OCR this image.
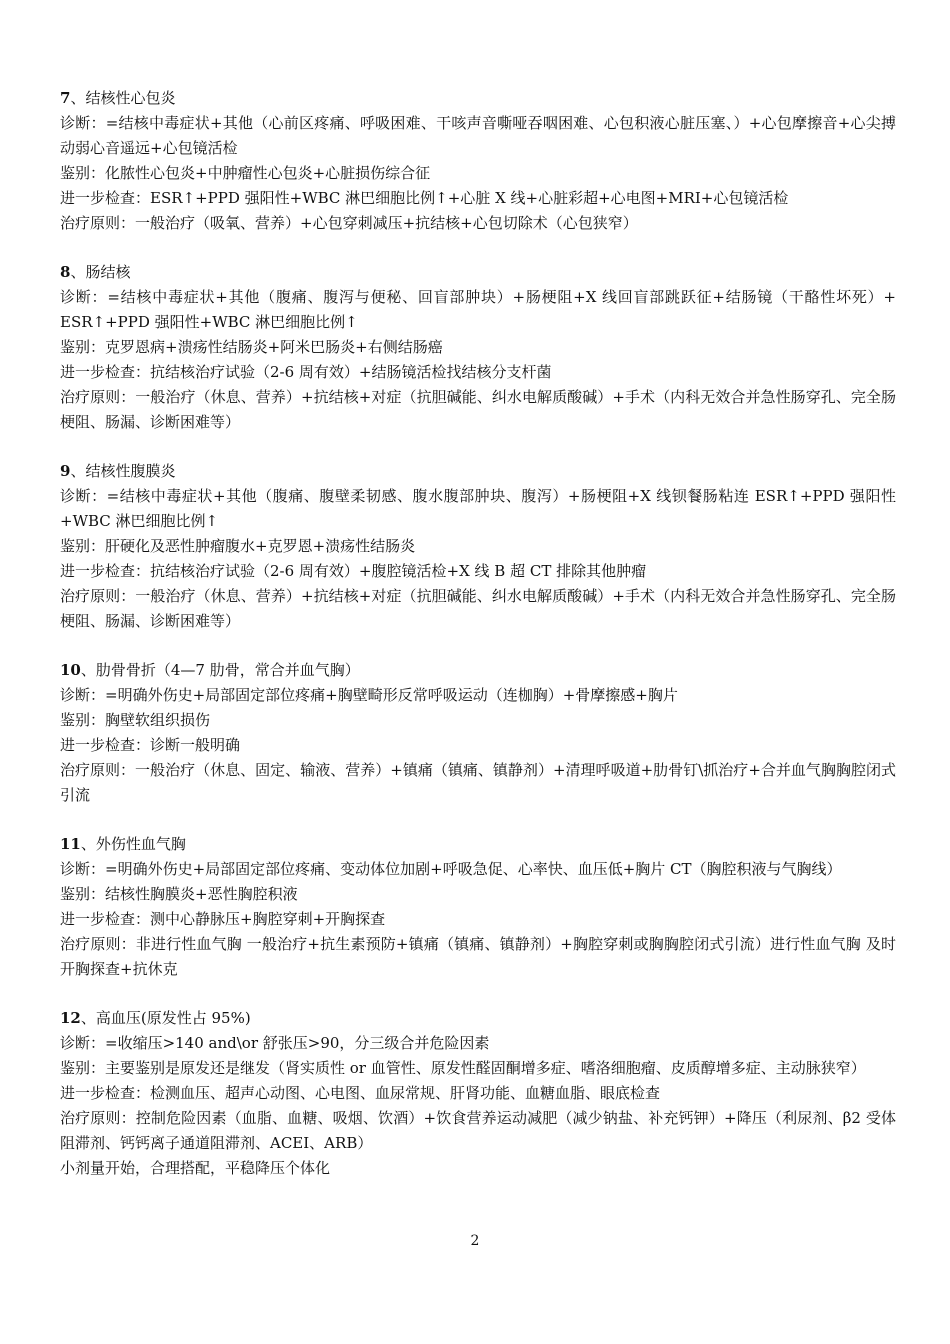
7、结核性心包炎

诊断：=结核中毒症状+其他（心前区疼痛、呼吸困难、干咳声音嘶哑吞咽困难、心包积液心脏压塞、）+心包摩擦音+心尖搏动弱心音遥远+心包镜活检

鉴别：化脓性心包炎+中肿瘤性心包炎+心脏损伤综合征

进一步检查：ESR↑+PPD 强阳性+WBC 淋巴细胞比例↑+心脏 X 线+心脏彩超+心电图+MRI+心包镜活检

治疗原则：一般治疗（吸氧、营养）+心包穿刺减压+抗结核+心包切除术（心包狭窄）

8、肠结核

诊断：=结核中毒症状+其他（腹痛、腹泻与便秘、回盲部肿块）+肠梗阻+X 线回盲部跳跃征+结肠镜（干酪性坏死）+ ESR↑+PPD 强阳性+WBC 淋巴细胞比例↑

鉴别：克罗恩病+溃疡性结肠炎+阿米巴肠炎+右侧结肠癌

进一步检查：抗结核治疗试验（2-6 周有效）+结肠镜活检找结核分支杆菌

治疗原则：一般治疗（休息、营养）+抗结核+对症（抗胆碱能、纠水电解质酸碱）+手术（内科无效合并急性肠穿孔、完全肠梗阻、肠漏、诊断困难等）

9、结核性腹膜炎

诊断：=结核中毒症状+其他（腹痛、腹壁柔韧感、腹水腹部肿块、腹泻）+肠梗阻+X 线钡餐肠粘连 ESR↑+PPD 强阳性+WBC 淋巴细胞比例↑

鉴别：肝硬化及恶性肿瘤腹水+克罗恩+溃疡性结肠炎

进一步检查：抗结核治疗试验（2-6 周有效）+腹腔镜活检+X 线 B 超 CT 排除其他肿瘤

治疗原则：一般治疗（休息、营养）+抗结核+对症（抗胆碱能、纠水电解质酸碱）+手术（内科无效合并急性肠穿孔、完全肠梗阻、肠漏、诊断困难等）

10、肋骨骨折（4—7 肋骨，常合并血气胸）

诊断：=明确外伤史+局部固定部位疼痛+胸壁畸形反常呼吸运动（连枷胸）+骨摩擦感+胸片

鉴别：胸壁软组织损伤

进一步检查：诊断一般明确

治疗原则：一般治疗（休息、固定、输液、营养）+镇痛（镇痛、镇静剂）+清理呼吸道+肋骨钉\抓治疗+合并血气胸胸腔闭式引流

11、外伤性血气胸

诊断：=明确外伤史+局部固定部位疼痛、变动体位加剧+呼吸急促、心率快、血压低+胸片 CT（胸腔积液与气胸线）

鉴别：结核性胸膜炎+恶性胸腔积液

进一步检查：测中心静脉压+胸腔穿刺+开胸探查

治疗原则：非进行性血气胸 一般治疗+抗生素预防+镇痛（镇痛、镇静剂）+胸腔穿刺或胸胸腔闭式引流）进行性血气胸 及时开胸探查+抗休克

12、高血压(原发性占 95%)

诊断：=收缩压>140 and\or 舒张压>90，分三级合并危险因素

鉴别：主要鉴别是原发还是继发（肾实质性 or 血管性、原发性醛固酮增多症、嗜洛细胞瘤、皮质醇增多症、主动脉狭窄）

进一步检查：检测血压、超声心动图、心电图、血尿常规、肝肾功能、血糖血脂、眼底检查

治疗原则：控制危险因素（血脂、血糖、吸烟、饮酒）+饮食营养运动减肥（减少钠盐、补充钙钾）+降压（利尿剂、β2 受体阻滞剂、钙钙离子通道阻滞剂、ACEI、ARB）

小剂量开始，合理搭配，平稳降压个体化

2
